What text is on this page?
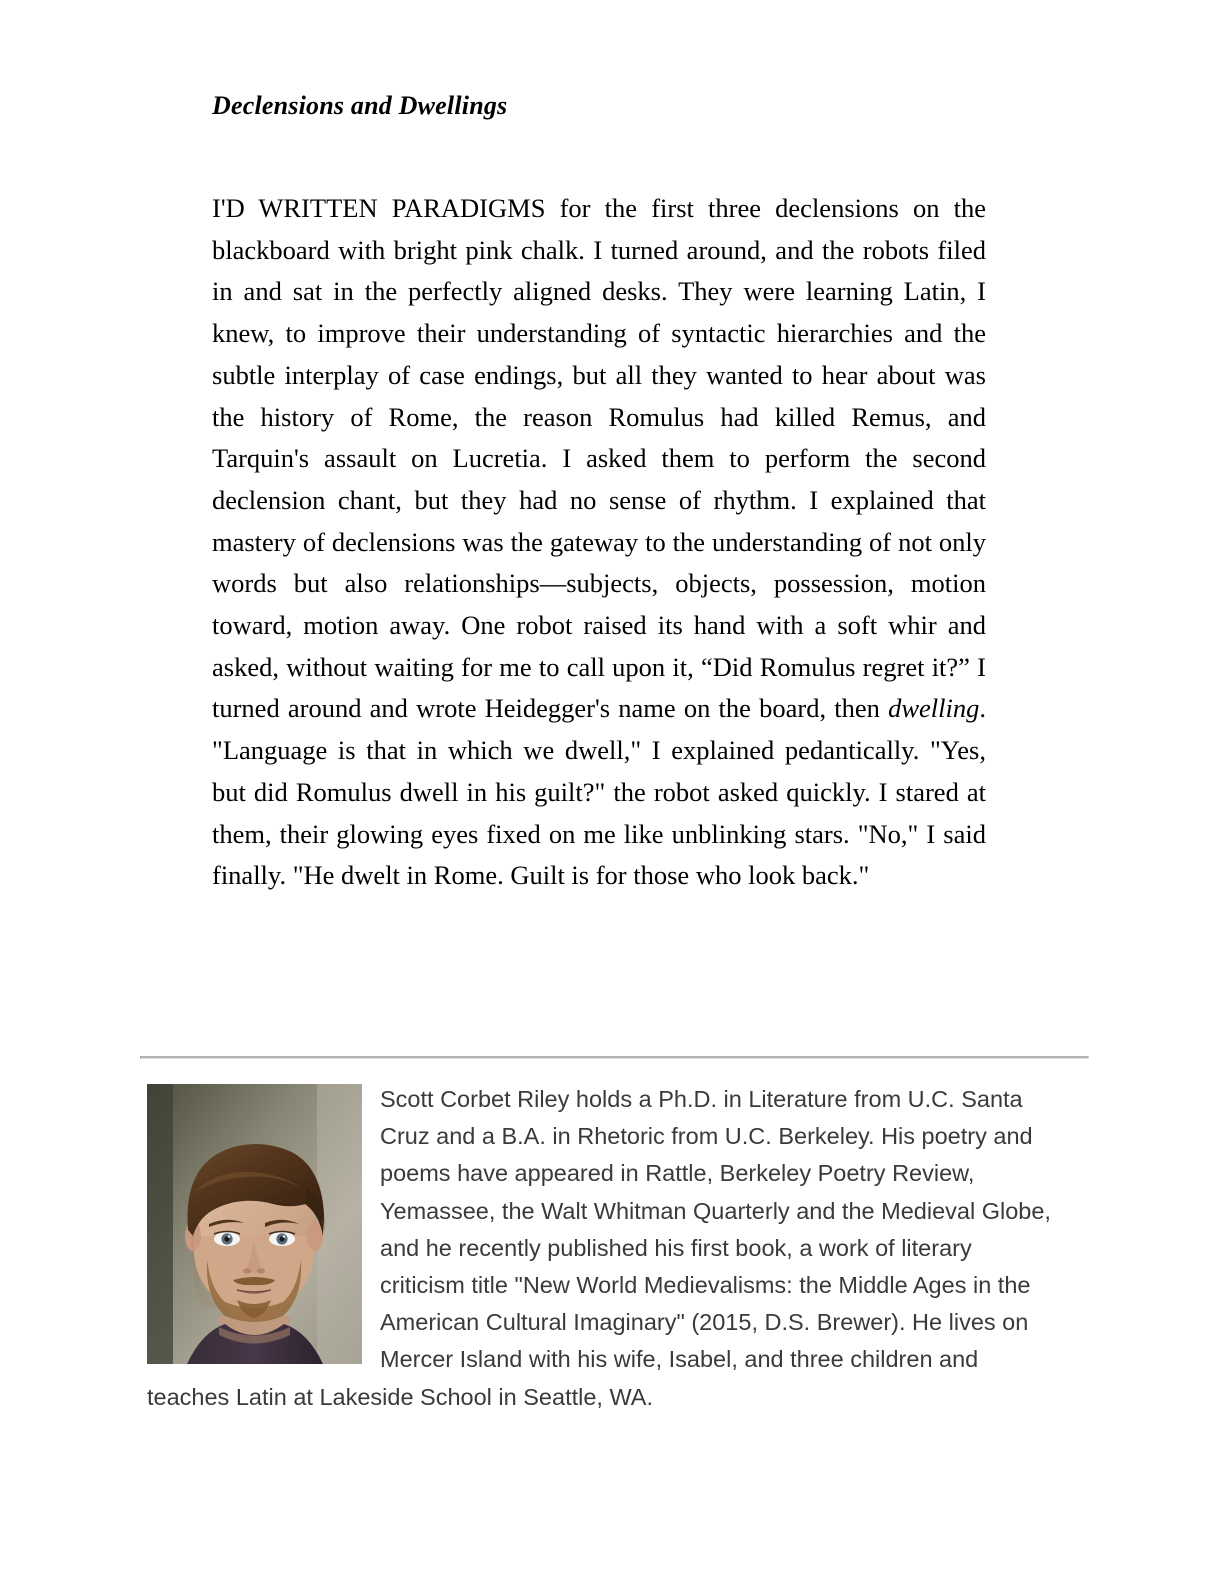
Declensions and Dwellings
I'D WRITTEN PARADIGMS for the first three declensions on the blackboard with bright pink chalk. I turned around, and the robots filed in and sat in the perfectly aligned desks. They were learning Latin, I knew, to improve their understanding of syntactic hierarchies and the subtle interplay of case endings, but all they wanted to hear about was the history of Rome, the reason Romulus had killed Remus, and Tarquin's assault on Lucretia. I asked them to perform the second declension chant, but they had no sense of rhythm. I explained that mastery of declensions was the gateway to the understanding of not only words but also relationships—subjects, objects, possession, motion toward, motion away. One robot raised its hand with a soft whir and asked, without waiting for me to call upon it, “Did Romulus regret it?” I turned around and wrote Heidegger's name on the board, then dwelling. "Language is that in which we dwell," I explained pedantically. "Yes, but did Romulus dwell in his guilt?" the robot asked quickly. I stared at them, their glowing eyes fixed on me like unblinking stars. "No," I said finally. "He dwelt in Rome. Guilt is for those who look back."
Scott Corbet Riley holds a Ph.D. in Literature from U.C. Santa Cruz and a B.A. in Rhetoric from U.C. Berkeley. His poetry and poems have appeared in Rattle, Berkeley Poetry Review, Yemassee, the Walt Whitman Quarterly and the Medieval Globe, and he recently published his first book, a work of literary criticism title "New World Medievalisms: the Middle Ages in the American Cultural Imaginary" (2015, D.S. Brewer). He lives on Mercer Island with his wife, Isabel, and three children and teaches Latin at Lakeside School in Seattle, WA.
